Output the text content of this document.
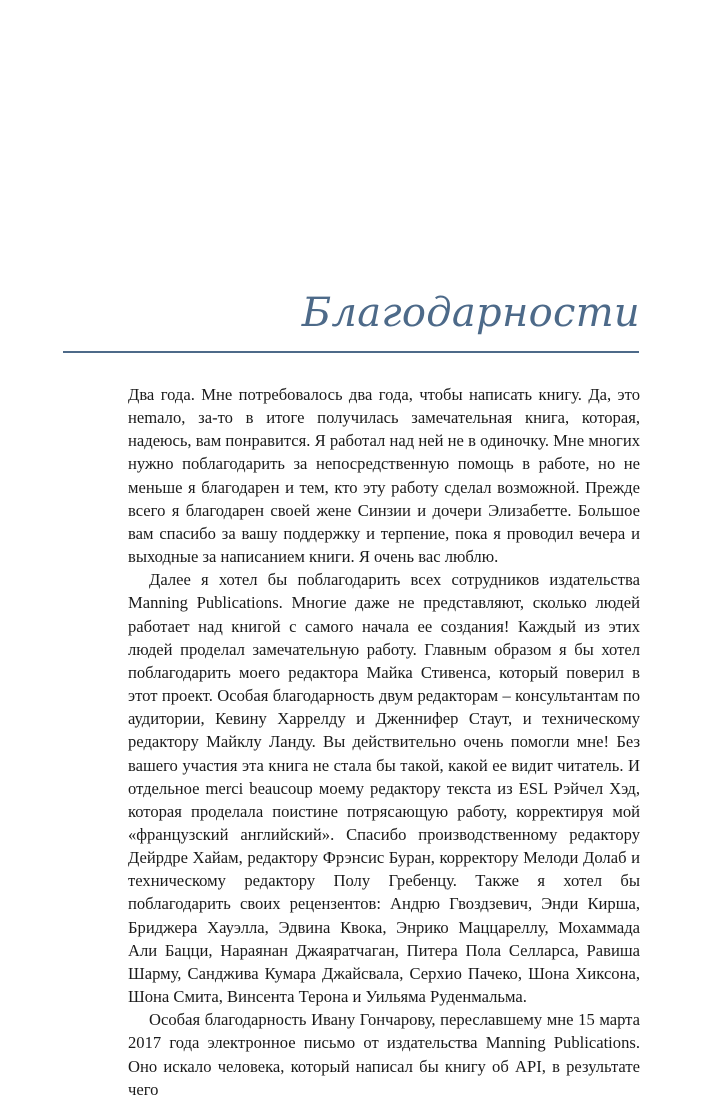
Благодарности

Два года. Мне потребовалось два года, чтобы написать книгу. Да, это неmало, за-то в итоге получилась замечательная книга, которая, надеюсь, вам понравится. Я работал над ней не в одиночку. Мне многих нужно поблагодарить за непосредственную помощь в работе, но не меньше я благодарен и тем, кто эту работу сделал возможной. Прежде всего я благодарен своей жене Синзии и дочери Элизабетте. Большое вам спасибо за вашу поддержку и терпение, пока я проводил вечера и выходные за написанием книги. Я очень вас люблю.

Далее я хотел бы поблагодарить всех сотрудников издательства Manning Publications. Многие даже не представляют, сколько людей работает над книгой с самого начала ее создания! Каждый из этих людей проделал замечательную работу. Главным образом я бы хотел поблагодарить моего редактора Майка Стивенса, который поверил в этот проект. Особая благодарность двум редакторам – консультантам по аудитории, Кевину Харрелду и Дженнифер Стаут, и техническому редактору Майклу Ланду. Вы действительно очень помогли мне! Без вашего участия эта книга не стала бы такой, какой ее видит читатель. И отдельное merci beaucoup моему редактору текста из ESL Рэйчел Хэд, которая проделала поистине потрясающую работу, корректируя мой «французский английский». Спасибо производственному редактору Дейрдре Хайам, редактору Фрэнсис Буран, корректору Мелоди Долаб и техническому редактору Полу Гребенцу. Также я хотел бы поблагодарить своих рецензентов: Андрю Гвоздзевич, Энди Кирша, Бриджера Хауэлла, Эдвина Квока, Энрико Маццареллу, Мохаммада Али Бацци, Нараянан Джаяратчаган, Питера Пола Селларса, Равиша Шарму, Санджива Кумара Джайсвала, Серхио Пачеко, Шона Хиксона, Шона Смита, Винсента Терона и Уильяма Руденмальма.

Особая благодарность Ивану Гончарову, переславшему мне 15 марта 2017 года электронное письмо от издательства Manning Publications. Оно искало человека, который написал бы книгу об API, в результате чего
